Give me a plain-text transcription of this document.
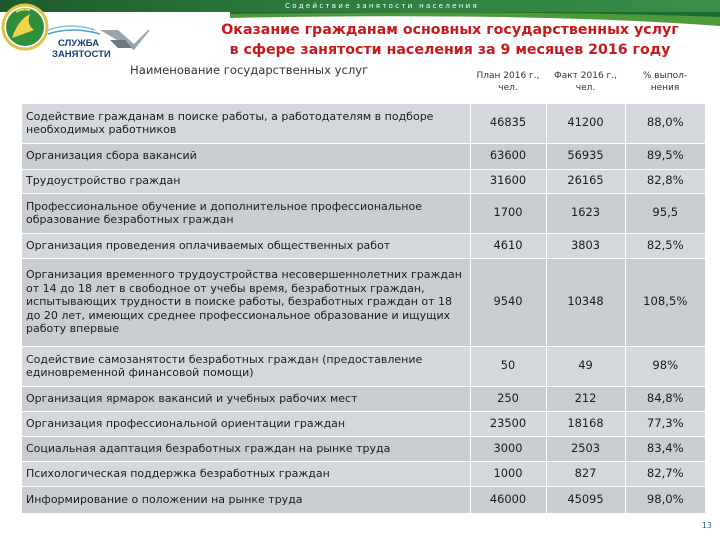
Содействие занятости населения
СЛУЖБА
ЗАНЯТОСТИ
Оказание гражданам основных государственных услуг
в сфере занятости населения за 9 месяцев 2016 году
Наименование государственных услуг	План 2016 г., чел.	Факт 2016 г., чел.	% выпол-нения
Содействие гражданам в поиске работы, а работодателям в подборе необходимых работников	46835	41200	88,0%
Организация сбора вакансий	63600	56935	89,5%
Трудоустройство граждан	31600	26165	82,8%
Профессиональное обучение и дополнительное профессиональное образование безработных граждан	1700	1623	95,5
Организация проведения оплачиваемых общественных работ	4610	3803	82,5%
Организация временного трудоустройства несовершеннолетних граждан от 14 до 18 лет в свободное от учебы время, безработных граждан, испытывающих трудности в поиске работы, безработных граждан от 18 до 20 лет, имеющих среднее профессиональное образование и ищущих работу впервые	9540	10348	108,5%
Содействие самозанятости безработных граждан (предоставление единовременной финансовой помощи)	50	49	98%
Организация ярмарок вакансий и учебных рабочих мест	250	212	84,8%
Организация профессиональной ориентации граждан	23500	18168	77,3%
Социальная адаптация безработных граждан на рынке труда	3000	2503	83,4%
Психологическая поддержка безработных граждан	1000	827	82,7%
Информирование о положении на рынке труда	46000	45095	98,0%
13
